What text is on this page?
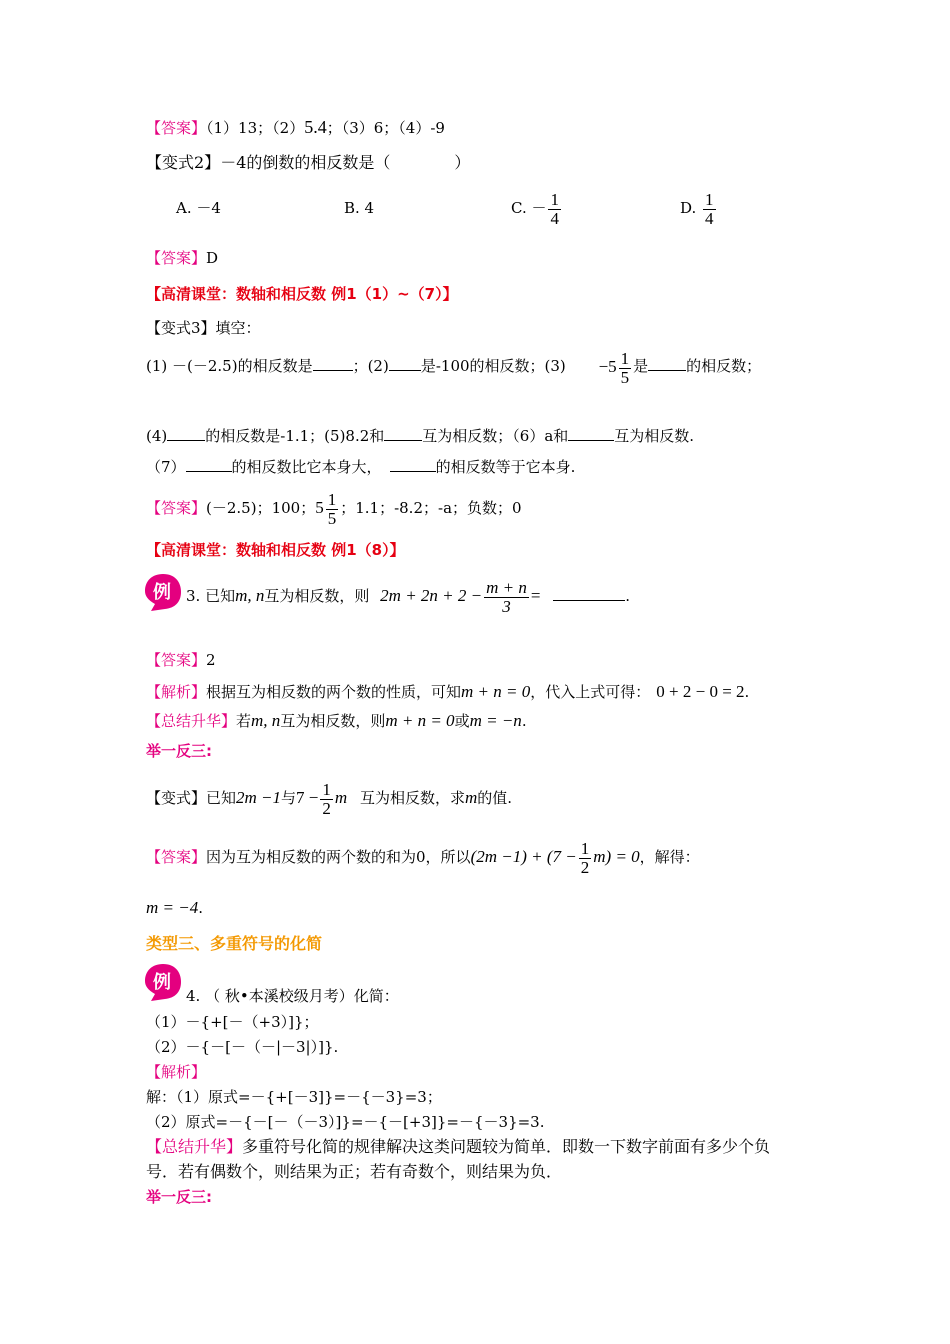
【答案】（1）13；（2）5.4；（3）6；（4）-9
【变式2】－4的倒数的相反数是（　　　　）
A. －4	B. 4	C. － $\frac{1}{4}$	D. $\frac{1}{4}$
【答案】D
【高清课堂：数轴和相反数 例1（1）~（7）】
【变式3】填空：
(1) －(－2.5)的相反数是	；(2) 是-100的相反数；$(3) -5 \frac{1}{5}$ 是	的相反数；
(4)	的相反数是-1.1；(5)8.2和	互为相反数；（6）a和	互为相反数.
（7）	的相反数比它本身大，	的相反数等于它本身.
【答案】(－2.5)；100；$5 \frac{1}{5}$ ；1.1；-8.2；-a；负数；0
【高清课堂：数轴和相反数 例1（8）】
例 3. 已知m, n互为相反数，则 $2m + 2n + 2 - \frac{m + n}{3}$ =	.
【答案】2
【解析】根据互为相反数的两个数的性质，可知m + n = 0，代入上式可得： 0 + 2 − 0 = 2.
【总结升华】若m, n互为相反数，则m + n = 0或m = −n.
举一反三:
【变式】已知2m −1与$7 - \frac{1}{2}$ m 互为相反数，求m的值.
【答案】因为互为相反数的两个数的和为0，所以$(2m -1) + (7 - \frac{1}{2} m) = 0$，解得：
m = −4.
类型三、多重符号的化简
例
4. （ 秋•本溪校级月考）化简：
（1）－{+[－（+3）]}；
（2）－{－[－（－|－3|）]}.
【解析】
解：（1）原式=－{+[－3]}=－{－3}=3；
（2）原式=－{－[－（－3）]}=－{－[+3]}=－{－3}=3.
【总结升华】多重符号化简的规律解决这类问题较为简单．即数一下数字前面有多少个负
号．若有偶数个，则结果为正；若有奇数个，则结果为负．
举一反三:
